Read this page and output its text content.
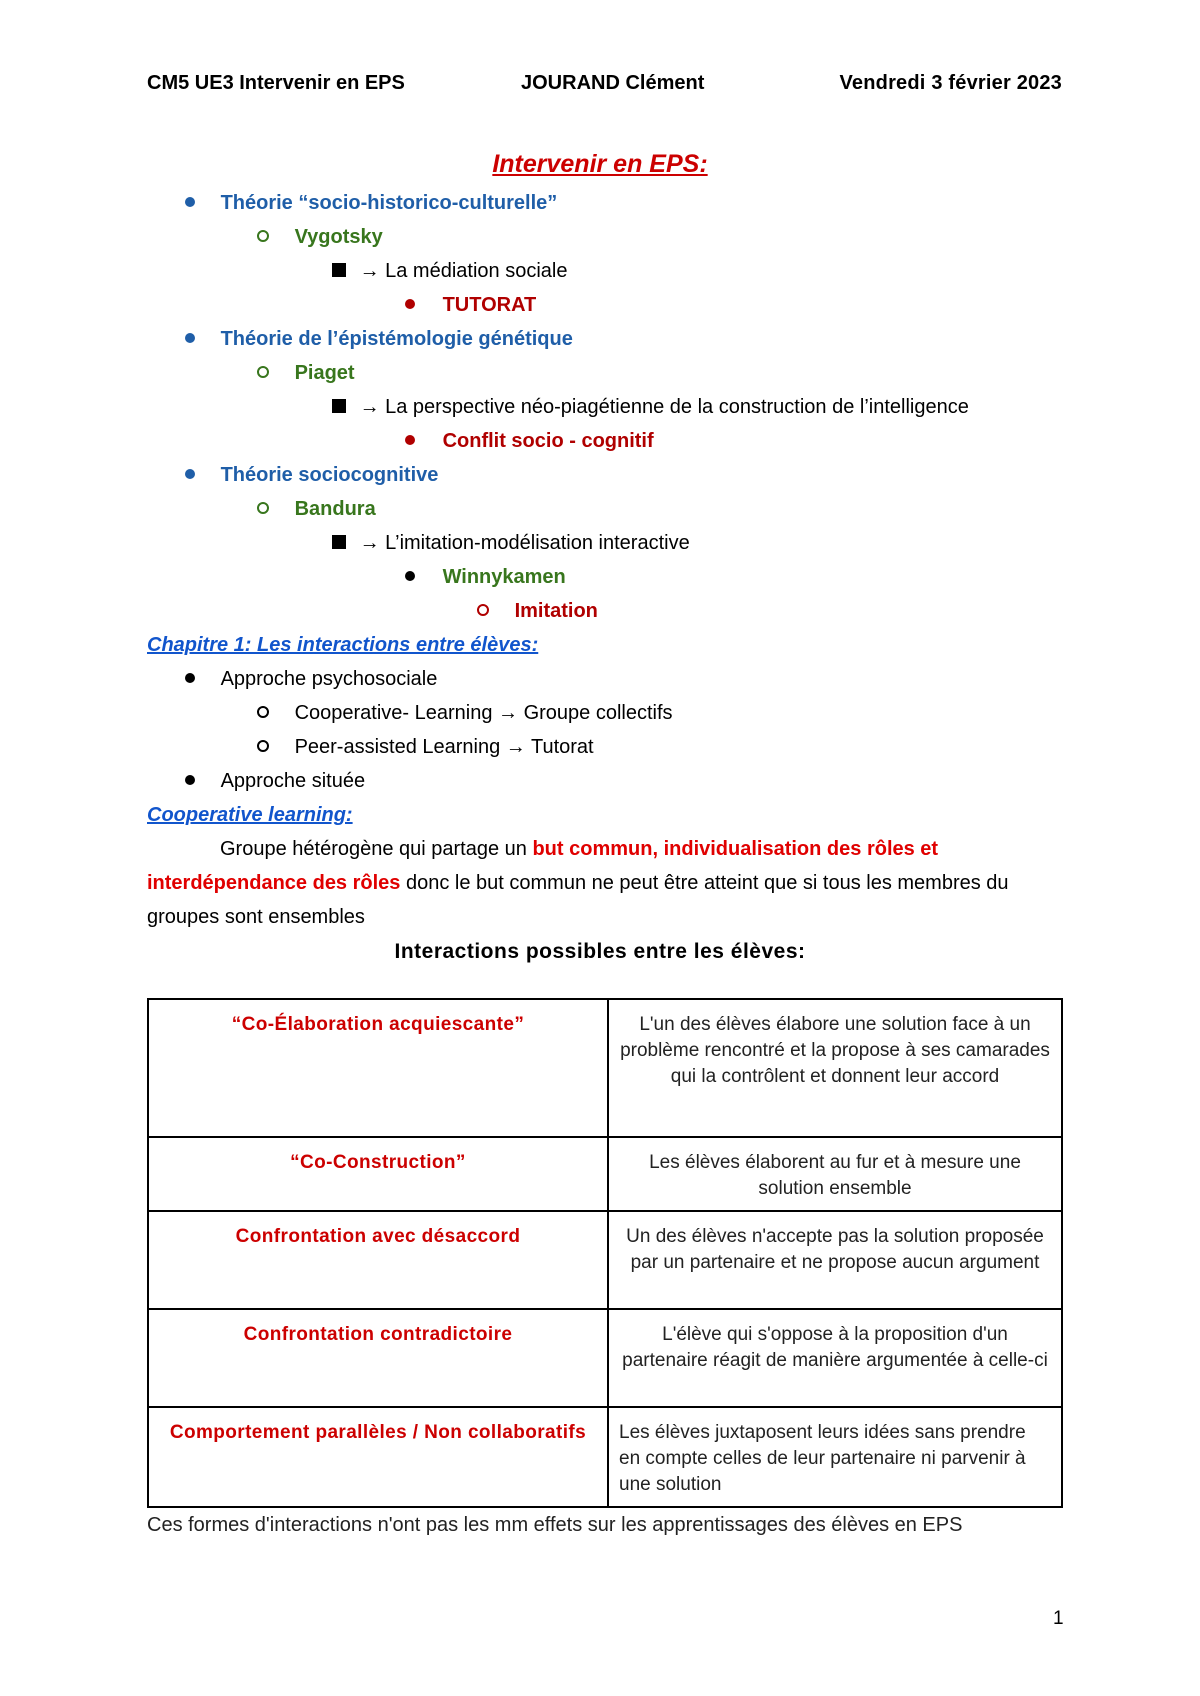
CM5 UE3 Intervenir en EPS	JOURAND Clément	Vendredi 3 février 2023
Intervenir en EPS:
Théorie “socio-historico-culturelle”
Vygotsky
→ La médiation sociale
TUTORAT
Théorie de l’épistémologie génétique
Piaget
→ La perspective néo-piagétienne de la construction de l’intelligence
Conflit socio - cognitif
Théorie sociocognitive
Bandura
→ L’imitation-modélisation interactive
Winnykamen
Imitation
Chapitre 1: Les interactions entre élèves:
Approche psychosociale
Cooperative- Learning → Groupe collectifs
Peer-assisted Learning → Tutorat
Approche située
Cooperative learning:
Groupe hétérogène qui partage un but commun, individualisation des rôles et interdépendance des rôles donc le but commun ne peut être atteint que si tous les membres du groupes sont ensembles
Interactions possibles entre les élèves:
“Co-Élaboration acquiescante”	L'un des élèves élabore une solution face à un problème rencontré et la propose à ses camarades qui la contrôlent et donnent leur accord
“Co-Construction”	Les élèves élaborent au fur et à mesure une solution ensemble
Confrontation avec désaccord	Un des élèves n'accepte pas la solution proposée par un partenaire et ne propose aucun argument
Confrontation contradictoire	L'élève qui s'oppose à la proposition d'un partenaire réagit de manière argumentée à celle-ci
Comportement parallèles / Non collaboratifs	Les élèves juxtaposent leurs idées sans prendre en compte celles de leur partenaire ni parvenir à une solution
Ces formes d'interactions n'ont pas les mm effets sur les apprentissages des élèves en EPS
1
